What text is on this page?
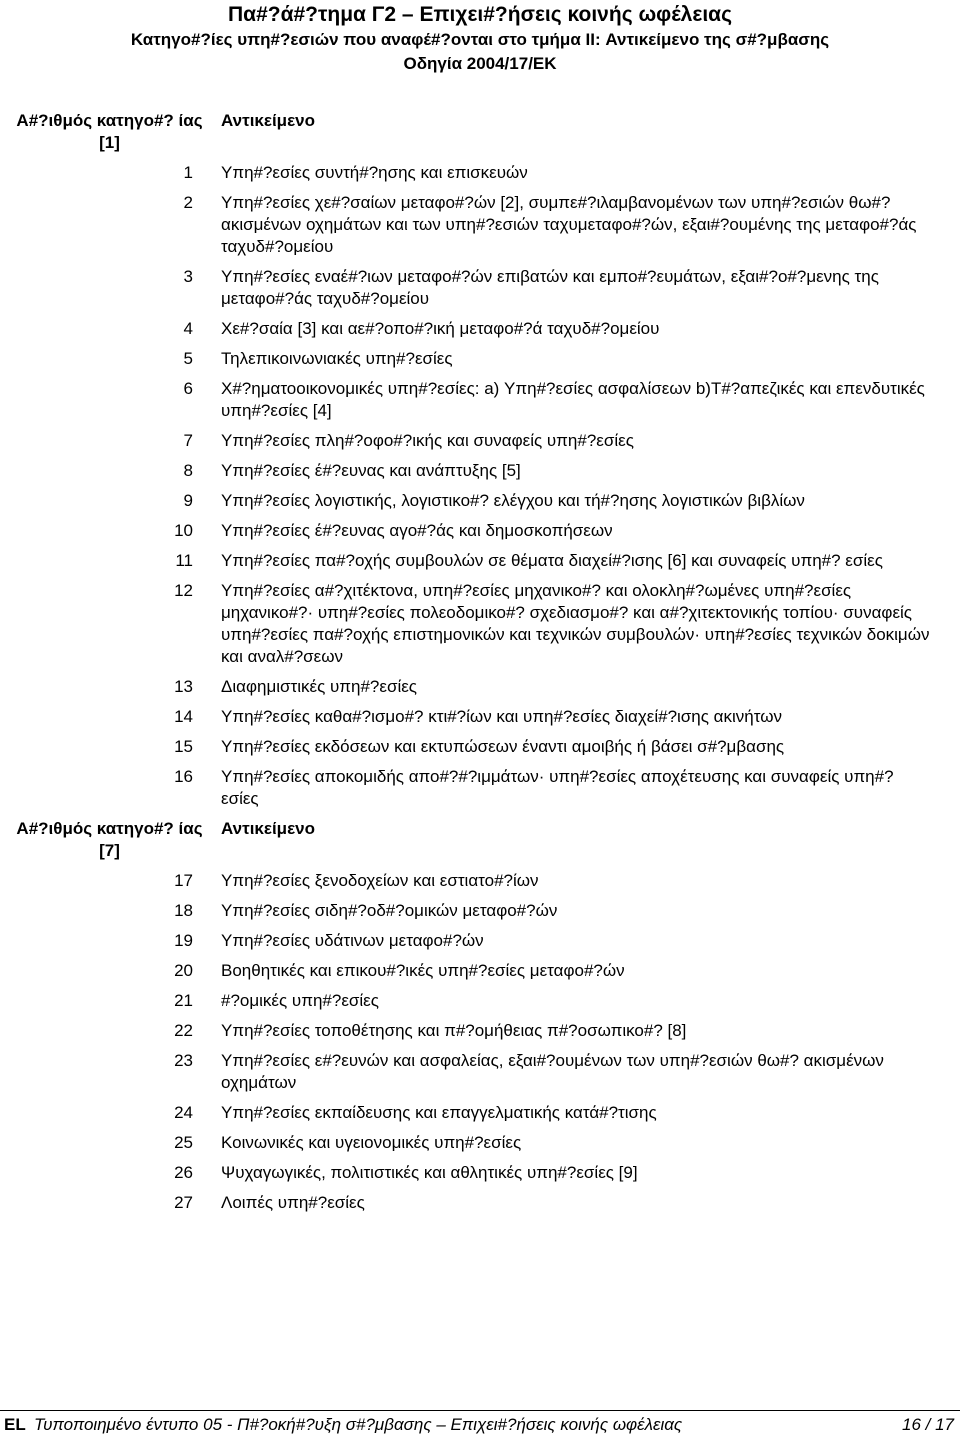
Πα#?ά#?τημα Γ2 – Επιχει#?ήσεις κοινής ωφέλειας
Κατηγο#?ίες υπη#?εσιών που αναφέ#?ονται στο τμήμα II: Αντικείμενο της σ#?μβασης
Οδηγία 2004/17/ΕΚ
Α#?ιθμός κατηγο#? ίας [1]
Αντικείμενο
1	Υπη#?εσίες συντή#?ησης και επισκευών
2	Υπη#?εσίες χε#?σαίων μεταφο#?ών [2], συμπε#?ιλαμβανομένων των υπη#?εσιών θω#?ακισμένων οχημάτων και των υπη#?εσιών ταχυμεταφο#?ών, εξαι#?ουμένης της μεταφο#?άς ταχυδ#?ομείου
3	Υπη#?εσίες εναέ#?ιων μεταφο#?ών επιβατών και εμπο#?ευμάτων, εξαι#?ο#?μενης της μεταφο#?άς ταχυδ#?ομείου
4	Χε#?σαία [3] και αε#?οπο#?ική μεταφο#?ά ταχυδ#?ομείου
5	Τηλεπικοινωνιακές υπη#?εσίες
6	Χ#?ηματοοικονομικές υπη#?εσίες: a) Υπη#?εσίες ασφαλίσεων b)Τ#?απεζικές και επενδυτικές υπη#?εσίες [4]
7	Υπη#?εσίες πλη#?οφο#?ικής και συναφείς υπη#?εσίες
8	Υπη#?εσίες έ#?ευνας και ανάπτυξης [5]
9	Υπη#?εσίες λογιστικής, λογιστικο#? ελέγχου και τή#?ησης λογιστικών βιβλίων
10	Υπη#?εσίες έ#?ευνας αγο#?άς και δημοσκοπήσεων
11	Υπη#?εσίες πα#?οχής συμβουλών σε θέματα διαχεί#?ισης [6] και συναφείς υπη#? εσίες
12	Υπη#?εσίες α#?χιτέκτονα, υπη#?εσίες μηχανικο#? και ολοκλη#?ωμένες υπη#?εσίες μηχανικο#?· υπη#?εσίες πολεοδομικο#? σχεδιασμο#? και α#?χιτεκτονικής τοπίου· συναφείς υπη#?εσίες πα#?οχής επιστημονικών και τεχνικών συμβουλών· υπη#?εσίες τεχνικών δοκιμών και αναλ#?σεων
13	Διαφημιστικές υπη#?εσίες
14	Υπη#?εσίες καθα#?ισμο#? κτι#?ίων και υπη#?εσίες διαχεί#?ισης ακινήτων
15	Υπη#?εσίες εκδόσεων και εκτυπώσεων έναντι αμοιβής ή βάσει σ#?μβασης
16	Υπη#?εσίες αποκομιδής απο#?#?ιμμάτων· υπη#?εσίες αποχέτευσης και συναφείς υπη#?εσίες
Α#?ιθμός κατηγο#? ίας [7]
Αντικείμενο
17	Υπη#?εσίες ξενοδοχείων και εστιατο#?ίων
18	Υπη#?εσίες σιδη#?οδ#?ομικών μεταφο#?ών
19	Υπη#?εσίες υδάτινων μεταφο#?ών
20	Βοηθητικές και επικου#?ικές υπη#?εσίες μεταφο#?ών
21	#?ομικές υπη#?εσίες
22	Υπη#?εσίες τοποθέτησης και π#?ομήθειας π#?οσωπικο#? [8]
23	Υπη#?εσίες ε#?ευνών και ασφαλείας, εξαι#?ουμένων των υπη#?εσιών θω#? ακισμένων οχημάτων
24	Υπη#?εσίες εκπαίδευσης και επαγγελματικής κατά#?τισης
25	Κοινωνικές και υγειονομικές υπη#?εσίες
26	Ψυχαγωγικές, πολιτιστικές και αθλητικές υπη#?εσίες [9]
27	Λοιπές υπη#?εσίες
EL Τυποποιημένο έντυπο 05 - Π#?οκή#?υξη σ#?μβασης – Επιχει#?ήσεις κοινής ωφέλειας	16 / 17
